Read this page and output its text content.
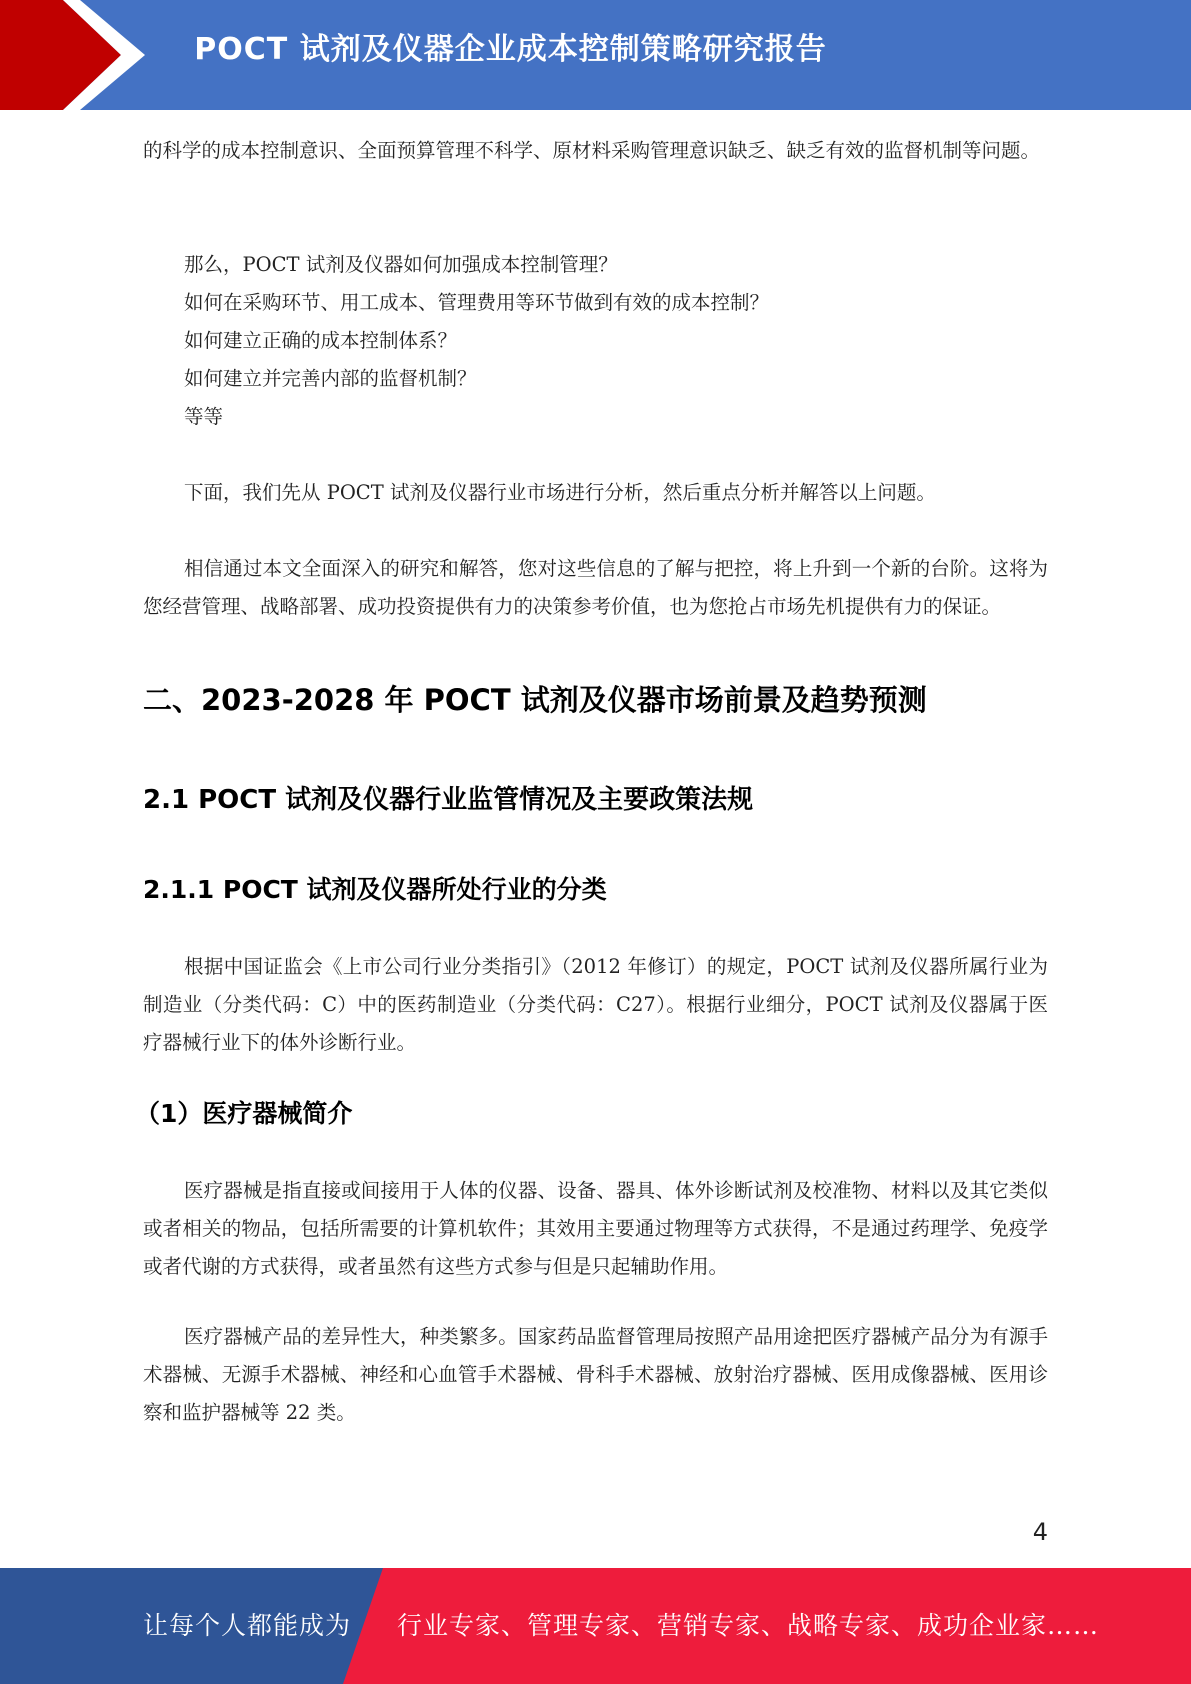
POCT 试剂及仪器企业成本控制策略研究报告

的科学的成本控制意识、全面预算管理不科学、原材料采购管理意识缺乏、缺乏有效的监督机制等问题。

那么，POCT 试剂及仪器如何加强成本控制管理？

如何在采购环节、用工成本、管理费用等环节做到有效的成本控制？

如何建立正确的成本控制体系？

如何建立并完善内部的监督机制？

等等

下面，我们先从 POCT 试剂及仪器行业市场进行分析，然后重点分析并解答以上问题。

相信通过本文全面深入的研究和解答，您对这些信息的了解与把控，将上升到一个新的台阶。这将为您经营管理、战略部署、成功投资提供有力的决策参考价值，也为您抢占市场先机提供有力的保证。

二、2023-2028 年 POCT 试剂及仪器市场前景及趋势预测
2.1 POCT 试剂及仪器行业监管情况及主要政策法规
2.1.1 POCT 试剂及仪器所处行业的分类

根据中国证监会《上市公司行业分类指引》（2012 年修订）的规定，POCT 试剂及仪器所属行业为制造业（分类代码：C）中的医药制造业（分类代码：C27）。根据行业细分，POCT 试剂及仪器属于医疗器械行业下的体外诊断行业。

（1）医疗器械简介

医疗器械是指直接或间接用于人体的仪器、设备、器具、体外诊断试剂及校准物、材料以及其它类似或者相关的物品，包括所需要的计算机软件；其效用主要通过物理等方式获得，不是通过药理学、免疫学或者代谢的方式获得，或者虽然有这些方式参与但是只起辅助作用。

医疗器械产品的差异性大，种类繁多。国家药品监督管理局按照产品用途把医疗器械产品分为有源手术器械、无源手术器械、神经和心血管手术器械、骨科手术器械、放射治疗器械、医用成像器械、医用诊察和监护器械等 22 类。

4
让每个人都能成为 行业专家、管理专家、营销专家、战略专家、成功企业家……
